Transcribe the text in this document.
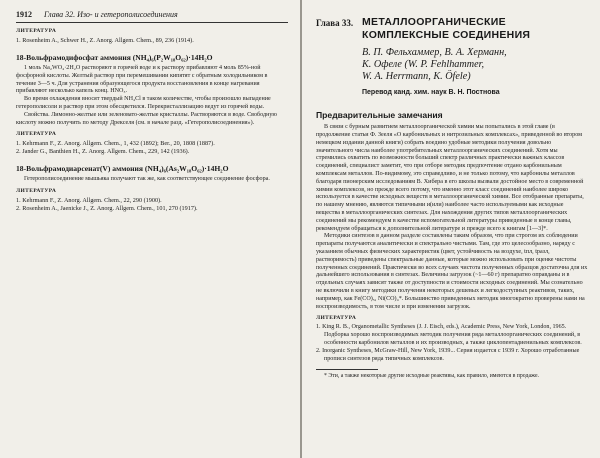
1912 Глава 32. Изо- и гетерополисоединения
ЛИТЕРАТУРА

1. Rosenheim A., Schwer H., Z. Anorg. Allgem. Chem., 89, 236 (1914).

18-Вольфрамодифосфат аммония (NH₄)₆(P₂W₁₈O₆₂)·14H₂O

1 моль Na₂WO₄·2H₂O растворяют в горячей воде и к раствору прибавляют 4 моль 85%-ной фосфорной кислоты. Желтый раствор при перемешивании кипятят с обратным холодильником в течение 3—5 ч. Для устранения образующегося продукта восстановления в конце нагревания прибавляют несколько капель конц. HNO₃.

Во время охлаждения вносят твердый NH₄Cl в таком количестве, чтобы произошло выпадение гетерополисоли и раствор при этом обесцветился. Перекристаллизацию ведут из горячей воды.

Свойства. Лимонно-желтые или зеленовато-желтые кристаллы. Растворяются в воде. Свободную кислоту можно получить по методу Дрекселя (см. в начале разд. «Гетерополисоединения»).

ЛИТЕРАТУРА

1. Kehrmann F., Z. Anorg. Allgem. Chem., 1, 432 (1892); Ber., 20, 1808 (1887).

2. Jander G., Banthien H., Z. Anorg. Allgem. Chem., 229, 142 (1936).

18-Вольфрамодиарсенат(V) аммония (NH₄)₆(As₂W₁₈O₆₂)·14H₂O

Гетерополисоединение мышьяка получают так же, как соответствующее соединение фосфора.

ЛИТЕРАТУРА

1. Kehrmann F., Z. Anorg. Allgem. Chem., 22, 290 (1900).

2. Rosenheim A., Jaenicke J., Z. Anorg. Allgem. Chem., 101, 270 (1917).

Глава 33. МЕТАЛЛООРГАНИЧЕСКИЕ
КОМПЛЕКСНЫЕ СОЕДИНЕНИЯ
В. П. Фельхаммер, В. А. Херманн,
К. Офеле (W. P. Fehlhammer,
W. A. Herrmann, K. Öfele)
Перевод канд. хим. наук В. Н. Постнова
Предварительные замечания

В связи с бурным развитием металлоорганической химии мы попытались в этой главе (в продолжение статьи Ф. Зееля «О карбонильных и нитрозильных комплексах», приведенной во втором немецком издании данной книги) собрать воедино удобные методики получения довольно значительного числа наиболее употребительных металлоорганических соединений. Хотя мы стремились охватить по возможности больший спектр различных практически важных классов соединений, специалист заметит, что при отборе методик предпочтение отдано карбонильным комплексам металлов. По-видимому, это справедливо, и не только потому, что карбонилы металлов благодаря пионерским исследованиям В. Хибера в его школы вызвали достойное место в современной химии комплексов, но прежде всего потому, что именно этот класс соединений наиболее широко используется в качестве исходных веществ в металлоорганической химии. Все отобранные препараты, по нашему мнению, являются типичными и(или) наиболее часто используемыми как исходные вещества в металлоорганических синтезах. Для нахождения других типов металлоорганических соединений мы рекомендуем в качестве вспомогательной литературы приведенные в конце главы, рекомендуем обращаться к дополнительной литературе и прежде всего к книгам [1—3]*.

Методики синтезов в данном разделе составлены таким образом, что при строгом их соблюдении препараты получаются аналитически и спектрально чистыми. Там, где это целесообразно, наряду с указанием обычных физических характеристик (цвет, устойчивость на воздухе, tпл, tразл, растворимость) приведены спектральные данные, которые можно использовать при оценке чистоты полученных соединений. Практически во всех случаях чистота полученных образцов достаточна для их дальнейшего использования в синтезах. Величины загрузок (~1—60 г) препаратно оправданы и в отдельных случаях зависят также от доступности и стоимости исходных соединений. Мы сознательно не включили в книгу методики получения некоторых дешевых и легкодоступных реактивов, таких, например, как Fe(CO)₅, Ni(CO)₄*. Большинство приведенных методик многократно проверены нами на воспроизводимость, в том числе и при изменении загрузок.

ЛИТЕРАТУРА

1. King R. B., Organometallic Syntheses (J. J. Eisch, eds.), Academic Press, New York, London, 1965. Подборка хорошо воспроизводимых методик получения ряда металлоорганических соединений, в особенности карбонилов металлов и их производных, а также циклопентадиенильных комплексов.

2. Inorganic Syntheses, McGraw-Hill, New York, 1939... Серия издается с 1939 г. Хорошо отработанные прописи синтезов ряда типичных комплексов.

* Эти, а также некоторые другие исходные реактивы, как правило, имеются в продаже.
